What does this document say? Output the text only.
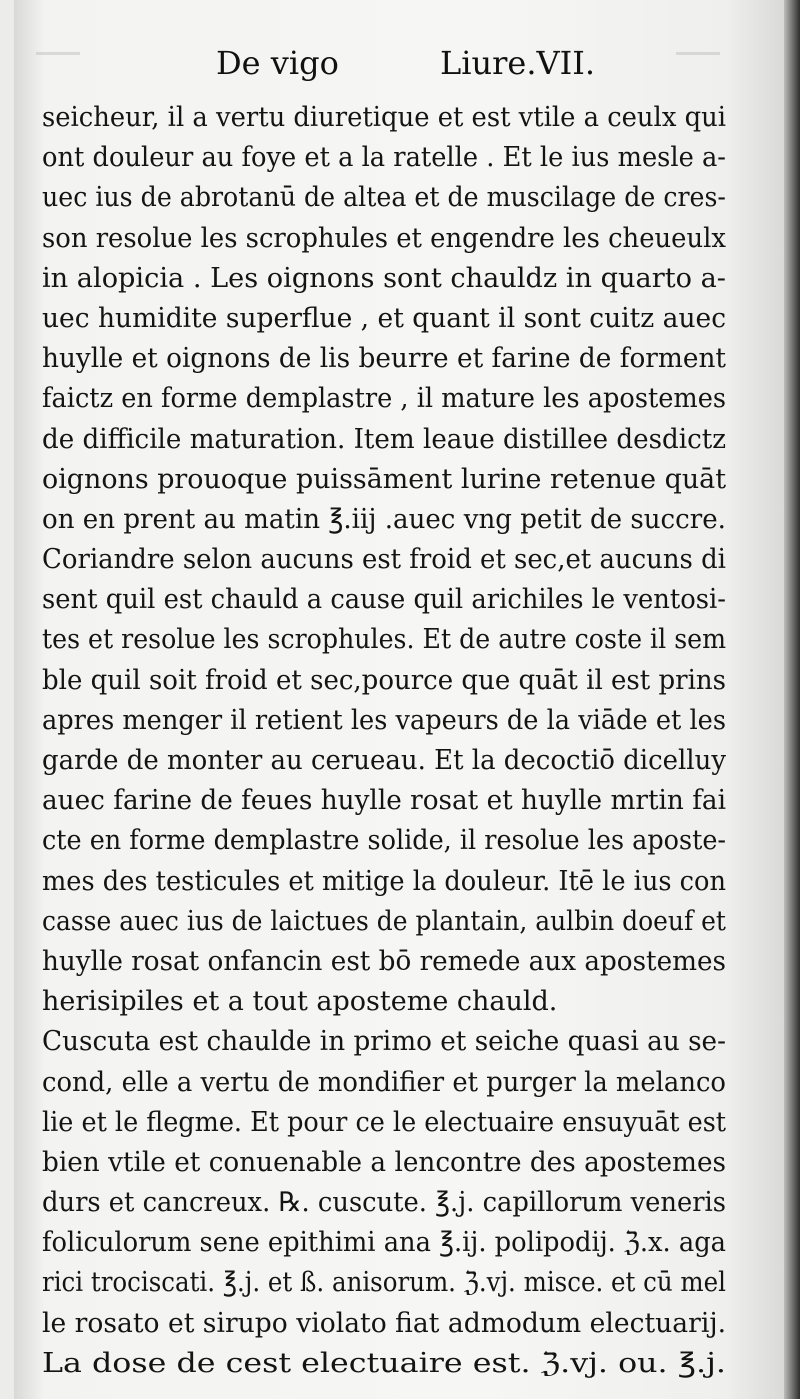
De vigo	Liure.VII.
seicheur, il a vertu diuretique et est vtile a ceulx qui
ont douleur au foye et a la ratelle . Et le ius mesle a-
uec ius de abrotanū de altea et de muscilage de cres-
son resolue les scrophules et engendre les cheueulx
in alopicia . Les oignons sont chauldz in quarto a-
uec humidite superflue , et quant il sont cuitz auec
huylle et oignons de lis beurre et farine de forment
faictz en forme demplastre , il mature les apostemes
de difficile maturation. Item leaue distillee desdictz
oignons prouoque puissāment lurine retenue quāt
on en prent au matin ℥.iij .auec vng petit de succre.
Coriandre selon aucuns est froid et sec,et aucuns di
sent quil est chauld a cause quil arichiles le ventosi-
tes et resolue les scrophules. Et de autre coste il sem
ble quil soit froid et sec,pource que quāt il est prins
apres menger il retient les vapeurs de la viāde et les
garde de monter au cerueau. Et la decoctiō dicelluy
auec farine de feues huylle rosat et huylle mrtin fai
cte en forme demplastre solide, il resolue les aposte-
mes des testicules et mitige la douleur. Itē le ius con
casse auec ius de laictues de plantain, aulbin doeuf et
huylle rosat onfancin est bō remede aux apostemes
herisipiles et a tout aposteme chauld.
Cuscuta est chaulde in primo et seiche quasi au se-
cond, elle a vertu de mondifier et purger la melanco
lie et le flegme. Et pour ce le electuaire ensuyuāt est
bien vtile et conuenable a lencontre des apostemes
durs et cancreux. ℞. cuscute. ℥.j. capillorum veneris
foliculorum sene epithimi ana ℥.ij. polipodij. ℨ.x. aga
rici trociscati. ℥.j. et ß. anisorum. ℨ.vj. misce. et cū mel
le rosato et sirupo violato fiat admodum electuarij.
La dose de cest electuaire est. ℨ.vj. ou. ℥.j.
